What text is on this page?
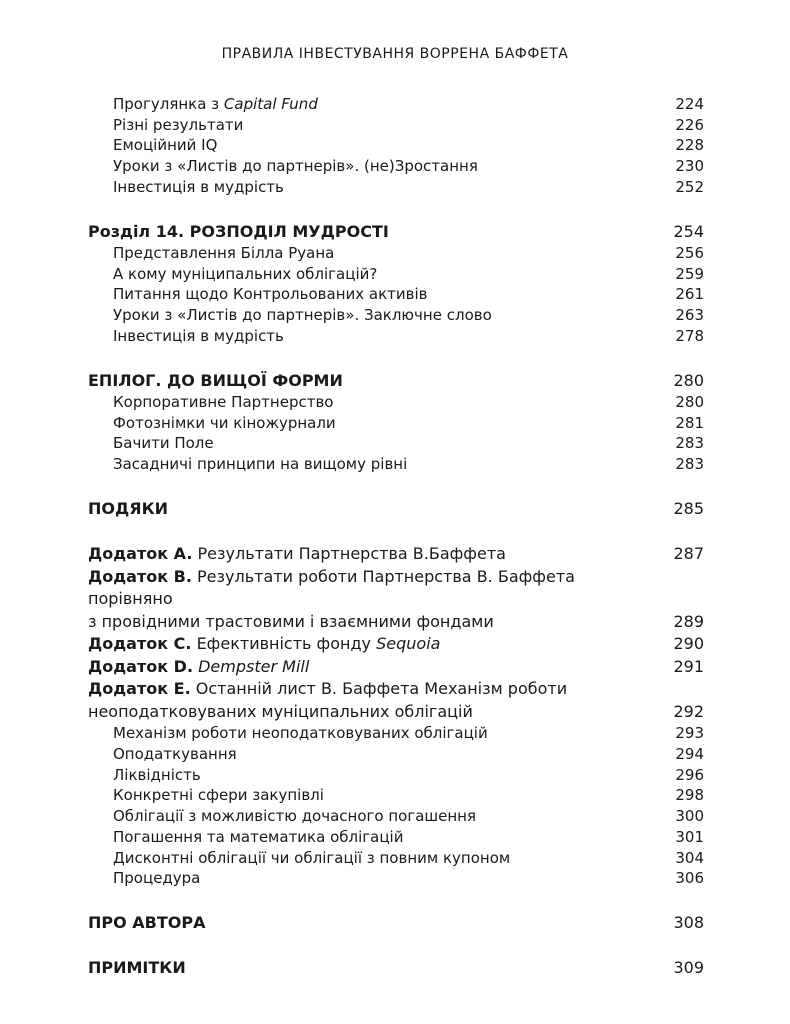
ПРАВИЛА ІНВЕСТУВАННЯ ВОРРЕНА БАФФЕТА
Прогулянка з Capital Fund	224
Різні результати	226
Емоційний IQ	228
Уроки з «Листів до партнерів». (не)Зростання	230
Інвестиція в мудрість	252
Розділ 14. РОЗПОДІЛ МУДРОСТІ	254
Представлення Білла Руана	256
А кому муніципальних облігацій?	259
Питання щодо Контрольованих активів	261
Уроки з «Листів до партнерів». Заключне слово	263
Інвестиція в мудрість	278
ЕПІЛОГ. ДО ВИЩОЇ ФОРМИ	280
Корпоративне Партнерство	280
Фотознімки чи кіножурнали	281
Бачити Поле	283
Засадничі принципи на вищому рівні	283
ПОДЯКИ	285
Додаток A. Результати Партнерства В.Баффета	287
Додаток B. Результати роботи Партнерства В. Баффета порівняно
з провідними трастовими і взаємними фондами	289
Додаток C. Ефективність фонду Sequoia	290
Додаток D. Dempster Mill	291
Додаток E. Останній лист В. Баффета Механізм роботи
неоподатковуваних муніципальних облігацій	292
Механізм роботи неоподатковуваних облігацій	293
Оподаткування	294
Ліквідність	296
Конкретні сфери закупівлі	298
Облігації з можливістю дочасного погашення	300
Погашення та математика облігацій	301
Дисконтні облігації чи облігації з повним купоном	304
Процедура	306
ПРО АВТОРА	308
ПРИМІТКИ	309
